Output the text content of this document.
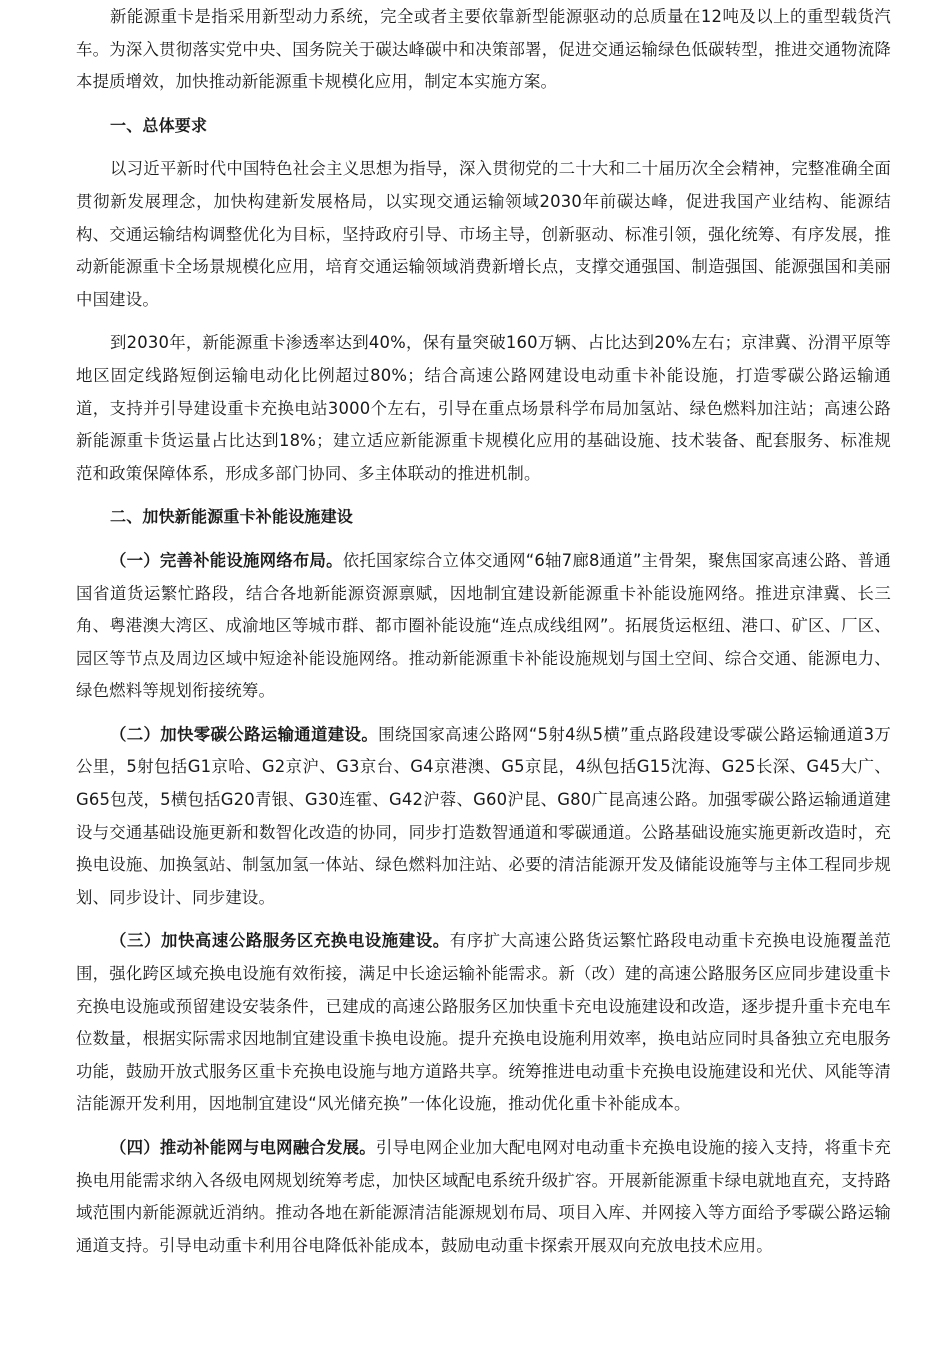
新能源重卡是指采用新型动力系统，完全或者主要依靠新型能源驱动的总质量在12吨及以上的重型载货汽车。为深入贯彻落实党中央、国务院关于碳达峰碳中和决策部署，促进交通运输绿色低碳转型，推进交通物流降本提质增效，加快推动新能源重卡规模化应用，制定本实施方案。

一、总体要求

以习近平新时代中国特色社会主义思想为指导，深入贯彻党的二十大和二十届历次全会精神，完整准确全面贯彻新发展理念，加快构建新发展格局，以实现交通运输领域2030年前碳达峰，促进我国产业结构、能源结构、交通运输结构调整优化为目标，坚持政府引导、市场主导，创新驱动、标准引领，强化统筹、有序发展，推动新能源重卡全场景规模化应用，培育交通运输领域消费新增长点，支撑交通强国、制造强国、能源强国和美丽中国建设。

到2030年，新能源重卡渗透率达到40%，保有量突破160万辆、占比达到20%左右；京津冀、汾渭平原等地区固定线路短倒运输电动化比例超过80%；结合高速公路网建设电动重卡补能设施，打造零碳公路运输通道，支持并引导建设重卡充换电站3000个左右，引导在重点场景科学布局加氢站、绿色燃料加注站；高速公路新能源重卡货运量占比达到18%；建立适应新能源重卡规模化应用的基础设施、技术装备、配套服务、标准规范和政策保障体系，形成多部门协同、多主体联动的推进机制。

二、加快新能源重卡补能设施建设

（一）完善补能设施网络布局。依托国家综合立体交通网“6轴7廊8通道”主骨架，聚焦国家高速公路、普通国省道货运繁忙路段，结合各地新能源资源禀赋，因地制宜建设新能源重卡补能设施网络。推进京津冀、长三角、粤港澳大湾区、成渝地区等城市群、都市圈补能设施“连点成线组网”。拓展货运枢纽、港口、矿区、厂区、园区等节点及周边区域中短途补能设施网络。推动新能源重卡补能设施规划与国土空间、综合交通、能源电力、绿色燃料等规划衔接统筹。

（二）加快零碳公路运输通道建设。围绕国家高速公路网“5射4纵5横”重点路段建设零碳公路运输通道3万公里，5射包括G1京哈、G2京沪、G3京台、G4京港澳、G5京昆，4纵包括G15沈海、G25长深、G45大广、G65包茂，5横包括G20青银、G30连霍、G42沪蓉、G60沪昆、G80广昆高速公路。加强零碳公路运输通道建设与交通基础设施更新和数智化改造的协同，同步打造数智通道和零碳通道。公路基础设施实施更新改造时，充换电设施、加换氢站、制氢加氢一体站、绿色燃料加注站、必要的清洁能源开发及储能设施等与主体工程同步规划、同步设计、同步建设。

（三）加快高速公路服务区充换电设施建设。有序扩大高速公路货运繁忙路段电动重卡充换电设施覆盖范围，强化跨区域充换电设施有效衔接，满足中长途运输补能需求。新（改）建的高速公路服务区应同步建设重卡充换电设施或预留建设安装条件，已建成的高速公路服务区加快重卡充电设施建设和改造，逐步提升重卡充电车位数量，根据实际需求因地制宜建设重卡换电设施。提升充换电设施利用效率，换电站应同时具备独立充电服务功能，鼓励开放式服务区重卡充换电设施与地方道路共享。统筹推进电动重卡充换电设施建设和光伏、风能等清洁能源开发利用，因地制宜建设“风光储充换”一体化设施，推动优化重卡补能成本。

（四）推动补能网与电网融合发展。引导电网企业加大配电网对电动重卡充换电设施的接入支持，将重卡充换电用能需求纳入各级电网规划统筹考虑，加快区域配电系统升级扩容。开展新能源重卡绿电就地直充，支持路域范围内新能源就近消纳。推动各地在新能源清洁能源规划布局、项目入库、并网接入等方面给予零碳公路运输通道支持。引导电动重卡利用谷电降低补能成本，鼓励电动重卡探索开展双向充放电技术应用。
